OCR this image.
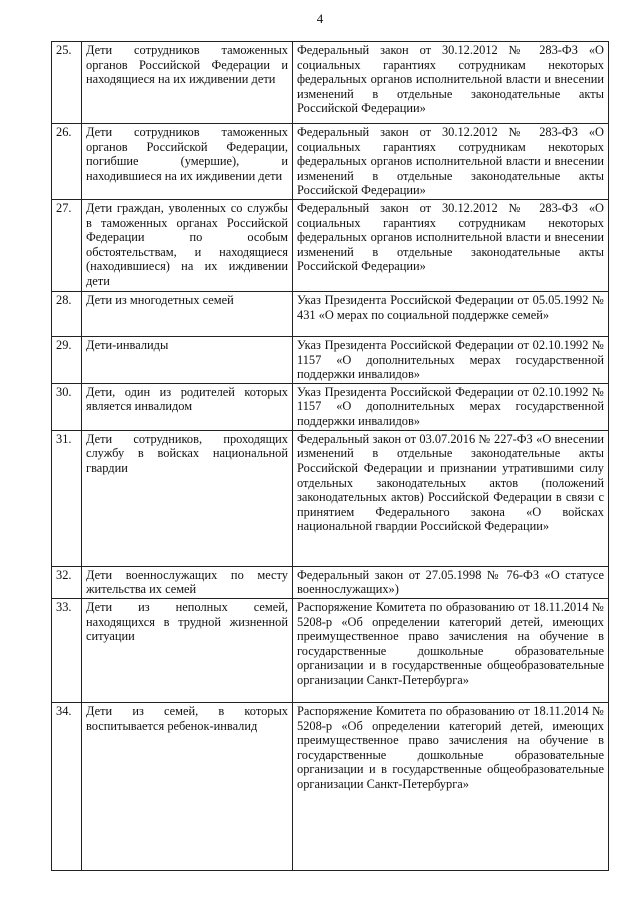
4
25.	Дети сотрудников таможенных органов Российской Федерации и находящиеся на их иждивении дети	Федеральный закон от 30.12.2012 № 283-ФЗ «О социальных гарантиях сотрудникам некоторых федеральных органов исполнительной власти и внесении изменений в отдельные законодательные акты Российской Федерации»
26.	Дети сотрудников таможенных органов Российской Федерации, погибшие (умершие), и находившиеся на их иждивении дети	Федеральный закон от 30.12.2012 № 283-ФЗ «О социальных гарантиях сотрудникам некоторых федеральных органов исполнительной власти и внесении изменений в отдельные законодательные акты Российской Федерации»
27.	Дети граждан, уволенных со службы в таможенных органах Российской Федерации по особым обстоятельствам, и находящиеся (находившиеся) на их иждивении дети	Федеральный закон от 30.12.2012 № 283-ФЗ «О социальных гарантиях сотрудникам некоторых федеральных органов исполнительной власти и внесении изменений в отдельные законодательные акты Российской Федерации»
28.	Дети из многодетных семей	Указ Президента Российской Федерации от 05.05.1992 № 431 «О мерах по социальной поддержке семей»
29.	Дети-инвалиды	Указ Президента Российской Федерации от 02.10.1992 № 1157 «О дополнительных мерах государственной поддержки инвалидов»
30.	Дети, один из родителей которых является инвалидом	Указ Президента Российской Федерации от 02.10.1992 № 1157 «О дополнительных мерах государственной поддержки инвалидов»
31.	Дети сотрудников, проходящих службу в войсках национальной гвардии	Федеральный закон от 03.07.2016 № 227-ФЗ «О внесении изменений в отдельные законодательные акты Российской Федерации и признании утратившими силу отдельных законодательных актов (положений законодательных актов) Российской Федерации в связи с принятием Федерального закона «О войсках национальной гвардии Российской Федерации»
32.	Дети военнослужащих по месту жительства их семей	Федеральный закон от 27.05.1998 № 76-ФЗ «О статусе военнослужащих»)
33.	Дети из неполных семей, находящихся в трудной жизненной ситуации	Распоряжение Комитета по образованию от 18.11.2014 № 5208-р «Об определении категорий детей, имеющих преимущественное право зачисления на обучение в государственные дошкольные образовательные организации и в государственные общеобразовательные организации Санкт-Петербурга»
34.	Дети из семей, в которых воспитывается ребенок-инвалид	Распоряжение Комитета по образованию от 18.11.2014 № 5208-р «Об определении категорий детей, имеющих преимущественное право зачисления на обучение в государственные дошкольные образовательные организации и в государственные общеобразовательные организации Санкт-Петербурга»
